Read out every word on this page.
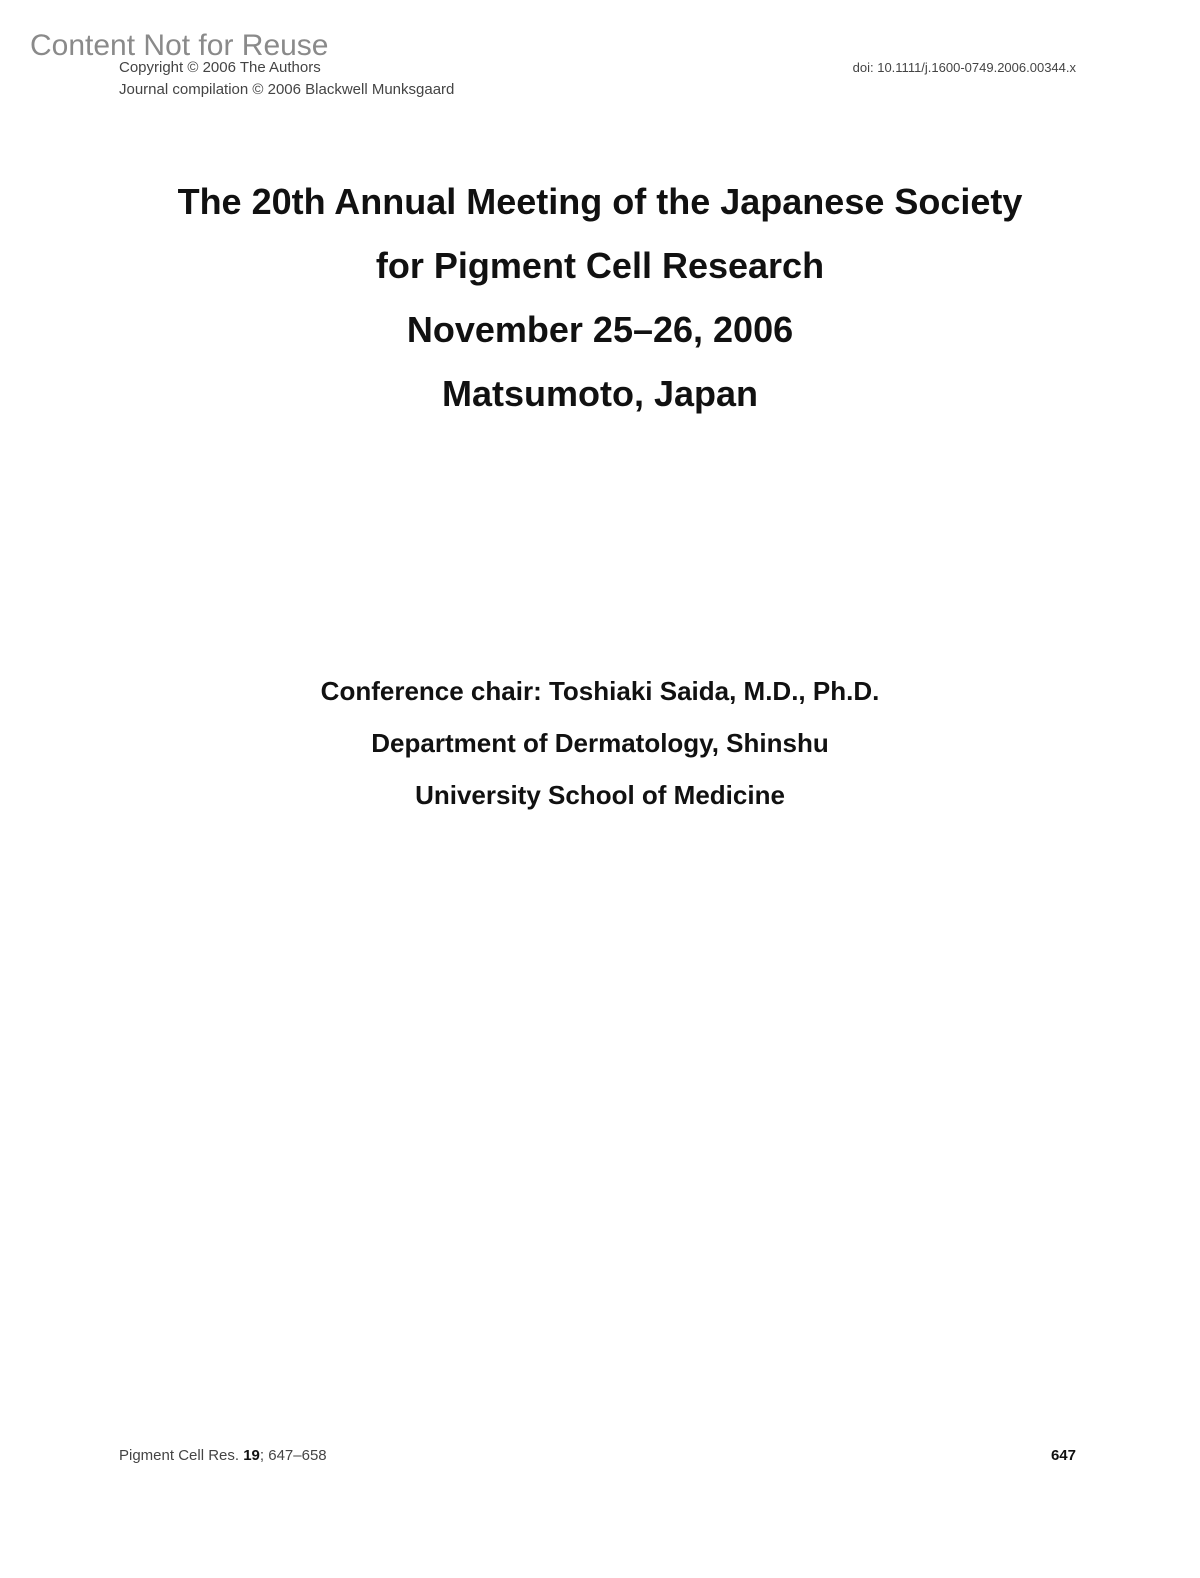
Content Not for Reuse
Copyright © 2006 The Authors
Journal compilation © 2006 Blackwell Munksgaard
doi: 10.1111/j.1600-0749.2006.00344.x
The 20th Annual Meeting of the Japanese Society
for Pigment Cell Research
November 25–26, 2006
Matsumoto, Japan
Conference chair: Toshiaki Saida, M.D., Ph.D.
Department of Dermatology, Shinshu
University School of Medicine
Pigment Cell Res. 19; 647–658	647
